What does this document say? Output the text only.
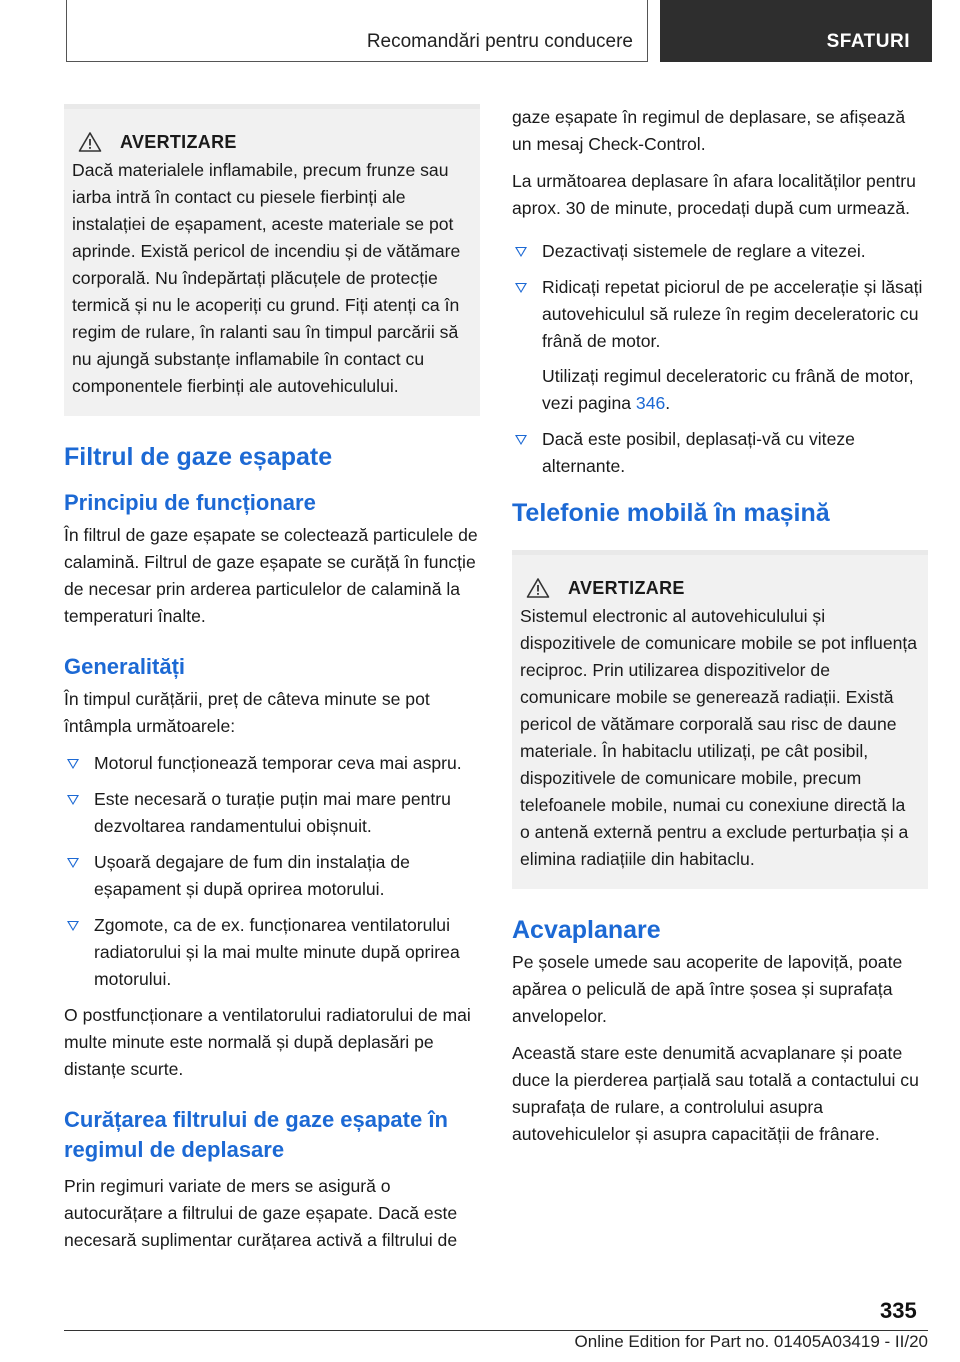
Recomandări pentru conducere	SFATURI
AVERTIZARE

Dacă materialele inflamabile, precum frunze sau iarba intră în contact cu piesele fierbinți ale instalației de eșapament, aceste materiale se pot aprinde. Există pericol de incendiu și de vătămare corporală. Nu îndepărtați plăcuțele de protecție termică și nu le acoperiți cu grund. Fiți atenți ca în regim de rulare, în ralanti sau în timpul parcării să nu ajungă substanțe inflamabile în contact cu componentele fierbinți ale autovehiculului.

Filtrul de gaze eșapate
Principiu de funcționare

În filtrul de gaze eșapate se colectează particulele de calamină. Filtrul de gaze eșapate se curăță în funcție de necesar prin arderea particulelor de calamină la temperaturi înalte.

Generalități

În timpul curățării, preț de câteva minute se pot întâmpla următoarele:

Motorul funcționează temporar ceva mai aspru.
Este necesară o turație puțin mai mare pentru dezvoltarea randamentului obișnuit.
Ușoară degajare de fum din instalația de eșapament și după oprirea motorului.
Zgomote, ca de ex. funcționarea ventilatorului radiatorului și la mai multe minute după oprirea motorului.

O postfuncționare a ventilatorului radiatorului de mai multe minute este normală și după deplasări pe distanțe scurte.

Curățarea filtrului de gaze eșapate în regimul de deplasare

Prin regimuri variate de mers se asigură o autocurățare a filtrului de gaze eșapate. Dacă este necesară suplimentar curățarea activă a filtrului de

gaze eșapate în regimul de deplasare, se afișează un mesaj Check-Control.

La următoarea deplasare în afara localităților pentru aprox. 30 de minute, procedați după cum urmează.

Dezactivați sistemele de reglare a vitezei.
Ridicați repetat piciorul de pe accelerație și lăsați autovehiculul să ruleze în regim deceleratoric cu frână de motor.

Utilizați regimul deceleratoric cu frână de motor, vezi pagina 346.

Dacă este posibil, deplasați-vă cu viteze alternante.
Telefonie mobilă în mașină
AVERTIZARE

Sistemul electronic al autovehiculului și dispozitivele de comunicare mobile se pot influența reciproc. Prin utilizarea dispozitivelor de comunicare mobile se generează radiații. Există pericol de vătămare corporală sau risc de daune materiale. În habitaclu utilizați, pe cât posibil, dispozitivele de comunicare mobile, precum telefoanele mobile, numai cu conexiune directă la o antenă externă pentru a exclude perturbația și a elimina radiațiile din habitaclu.

Acvaplanare

Pe șosele umede sau acoperite de lapoviță, poate apărea o peliculă de apă între șosea și suprafața anvelopelor.

Această stare este denumită acvaplanare și poate duce la pierderea parțială sau totală a contactului cu suprafața de rulare, a controlului asupra autovehiculelor și asupra capacității de frânare.

335
Online Edition for Part no. 01405A03419 - II/20
